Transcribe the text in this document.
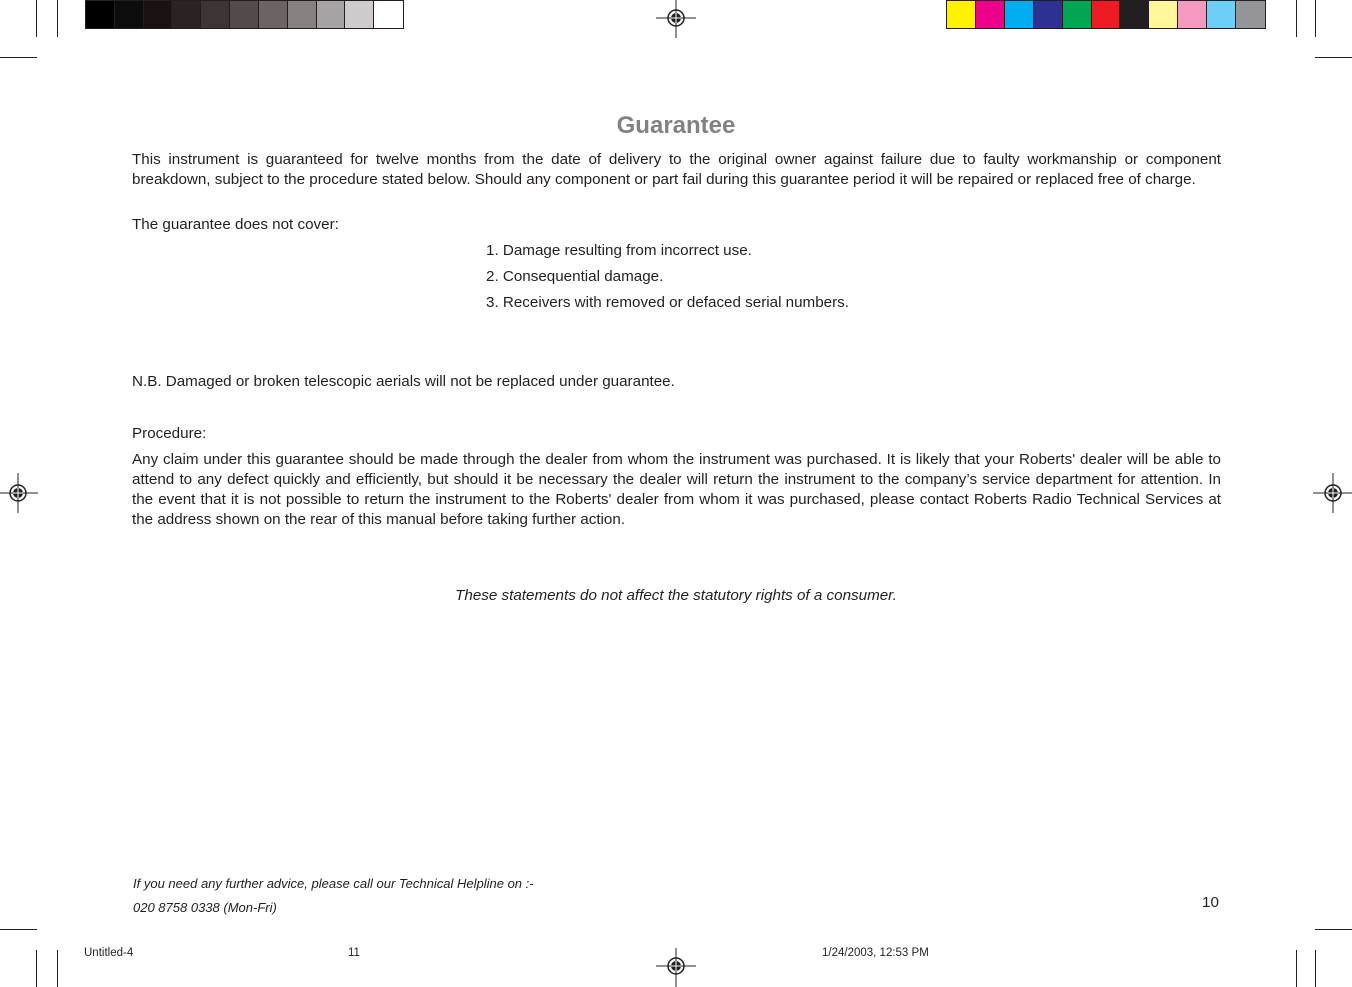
Guarantee

This instrument is guaranteed for twelve months from the date of delivery to the original owner against failure due to faulty workmanship or component breakdown, subject to the procedure stated below. Should any component or part fail during this guarantee period it will be repaired or replaced free of charge.

The guarantee does not cover:

1. Damage resulting from incorrect use.
2. Consequential damage.
3. Receivers with removed or defaced serial numbers.

N.B. Damaged or broken telescopic aerials will not be replaced under guarantee.

Procedure:

Any claim under this guarantee should be made through the dealer from whom the instrument was purchased. It is likely that your Roberts' dealer will be able to attend to any defect quickly and efficiently, but should it be necessary the dealer will return the instrument to the company’s service department for attention. In the event that it is not possible to return the instrument to the Roberts' dealer from whom it was purchased, please contact Roberts Radio Technical Services at the address shown on the rear of this manual before taking further action.

These statements do not affect the statutory rights of a consumer.

If you need any further advice, please call our Technical Helpline on :-

020 8758 0338 (Mon-Fri)	10

Untitled-4	11	1/24/2003, 12:53 PM
